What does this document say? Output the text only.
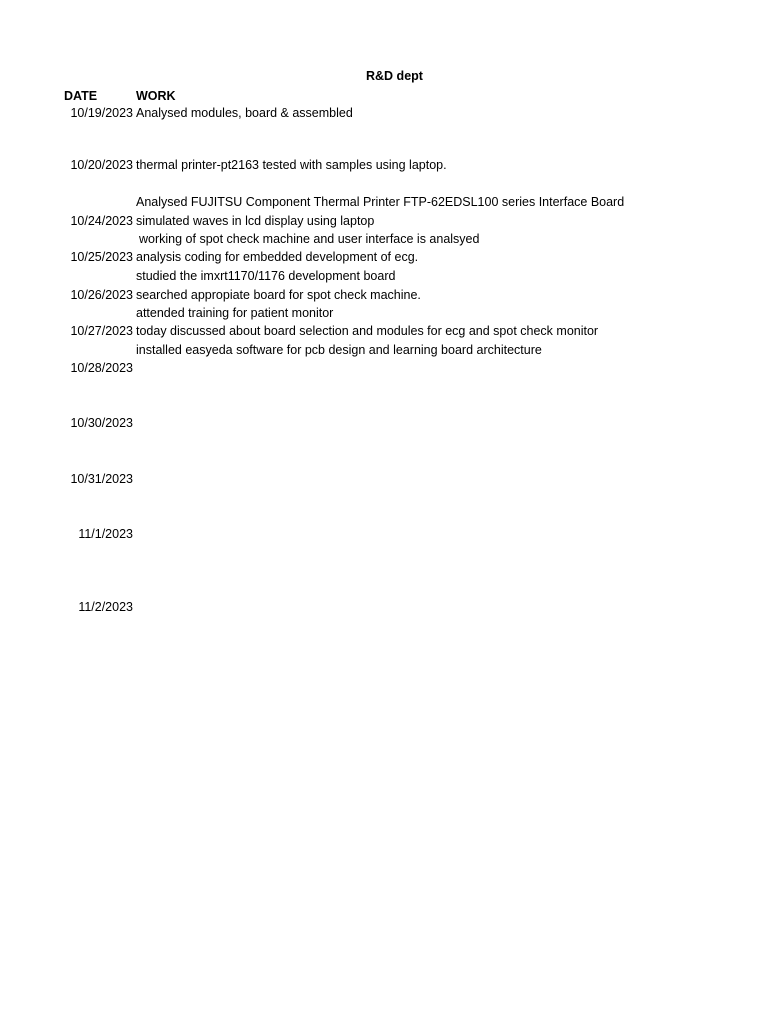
R&D dept
DATE	WORK
10/19/2023
10/20/2023
10/24/2023
10/25/2023
10/26/2023
10/27/2023
10/28/2023
10/30/2023
10/31/2023
11/1/2023
11/2/2023
Analysed modules, board & assembled
thermal printer-pt2163 tested with samples using laptop.
Analysed FUJITSU Component Thermal Printer FTP-62EDSL100 series Interface Board
simulated waves in lcd display using laptop
working of spot check machine and user interface is analsyed
analysis coding for embedded development of ecg.
studied the imxrt1170/1176 development board
searched appropiate board for spot check machine.
attended training for patient monitor
today discussed about board selection and modules for ecg and spot check monitor
installed easyeda software for pcb design and learning board architecture
